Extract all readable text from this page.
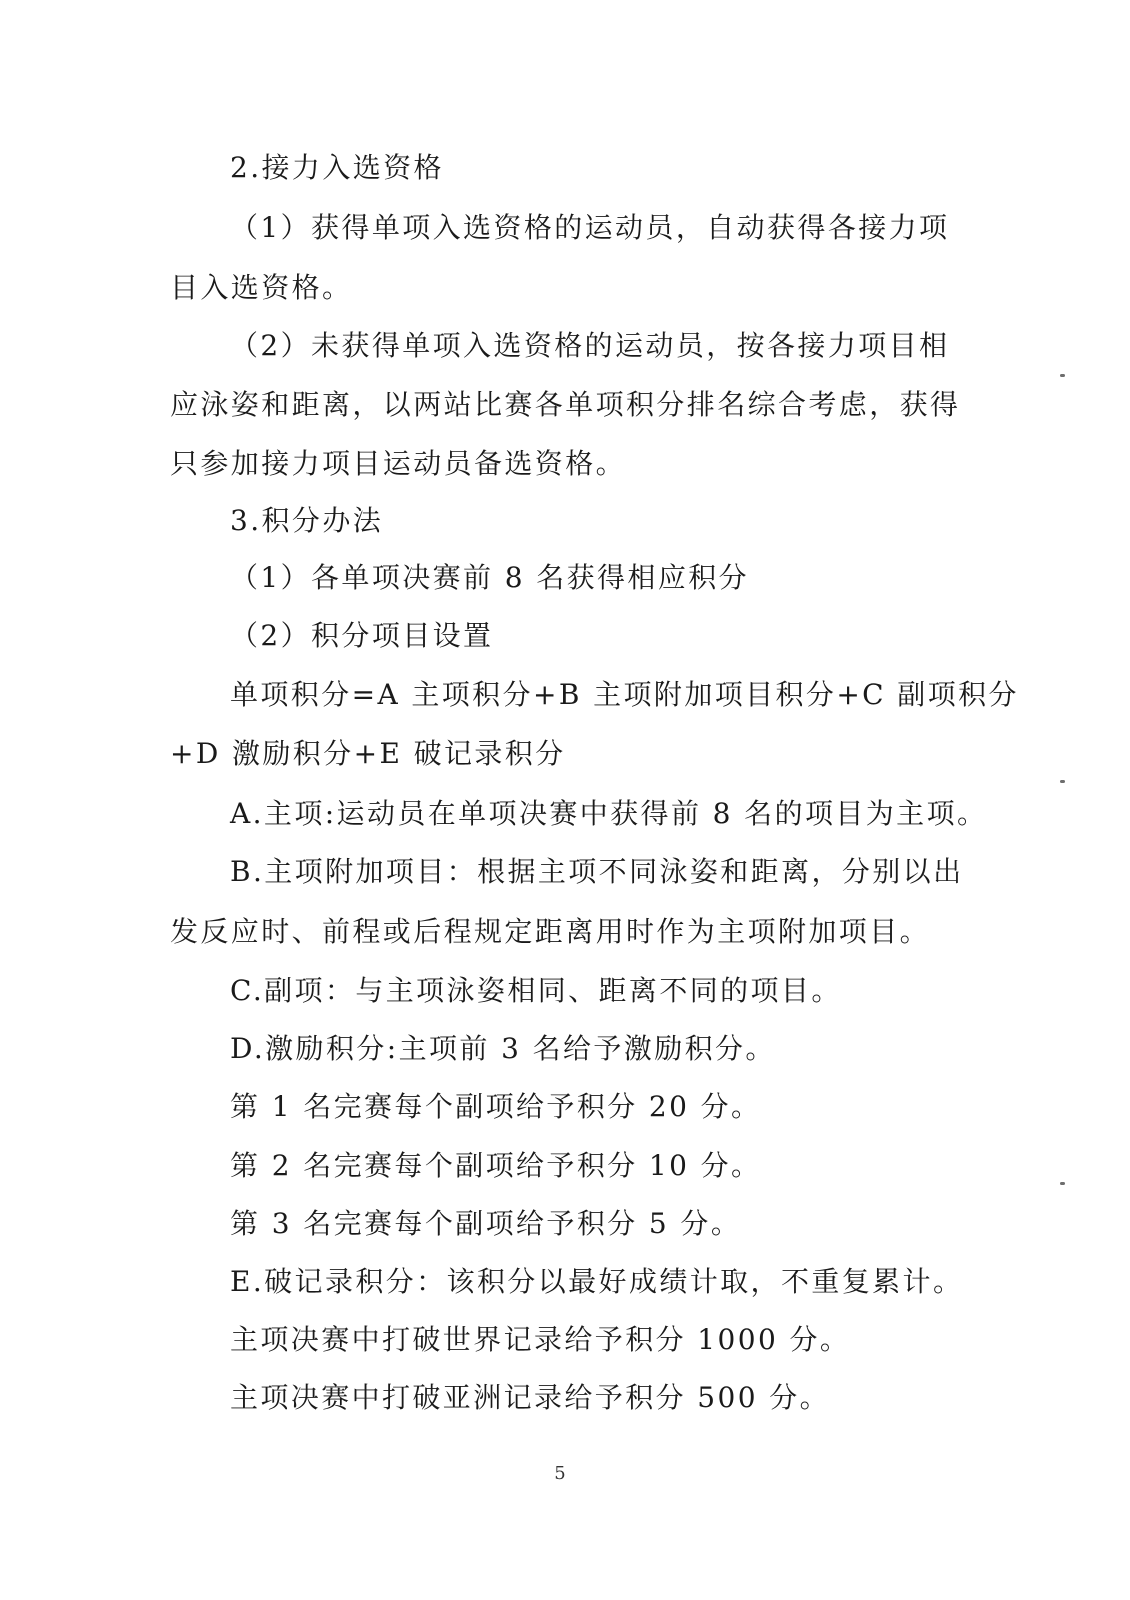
2.接力入选资格
（1）获得单项入选资格的运动员，自动获得各接力项
目入选资格。
（2）未获得单项入选资格的运动员，按各接力项目相
应泳姿和距离，以两站比赛各单项积分排名综合考虑，获得
只参加接力项目运动员备选资格。
3.积分办法
（1）各单项决赛前 8 名获得相应积分
（2）积分项目设置
单项积分=A 主项积分+B 主项附加项目积分+C 副项积分
+D 激励积分+E 破记录积分
A.主项:运动员在单项决赛中获得前 8 名的项目为主项。
B.主项附加项目：根据主项不同泳姿和距离，分别以出
发反应时、前程或后程规定距离用时作为主项附加项目。
C.副项：与主项泳姿相同、距离不同的项目。
D.激励积分:主项前 3 名给予激励积分。
第 1 名完赛每个副项给予积分 20 分。
第 2 名完赛每个副项给予积分 10 分。
第 3 名完赛每个副项给予积分 5 分。
E.破记录积分：该积分以最好成绩计取，不重复累计。
主项决赛中打破世界记录给予积分 1000 分。
主项决赛中打破亚洲记录给予积分 500 分。
5
